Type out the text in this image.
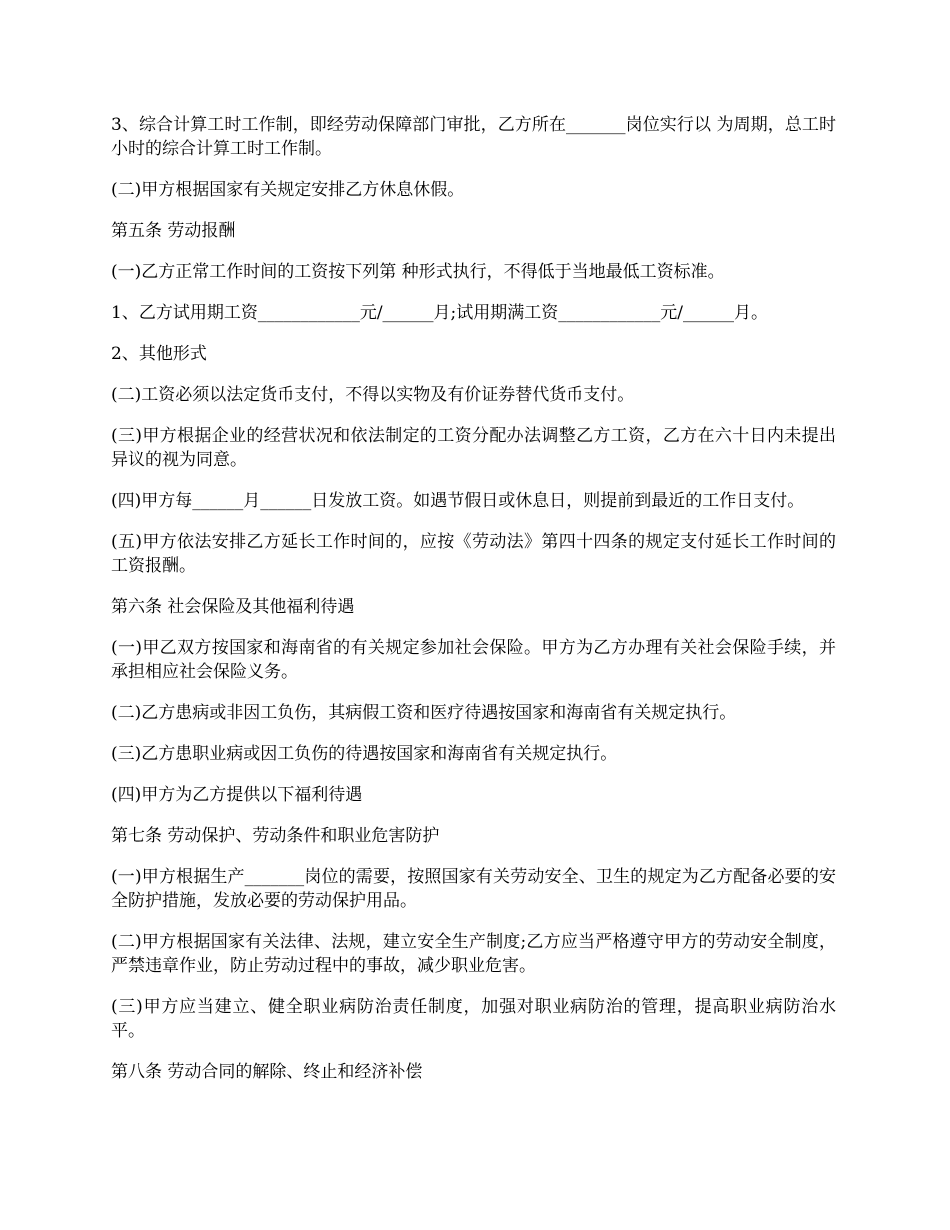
3、综合计算工时工作制，即经劳动保障部门审批，乙方所在_______岗位实行以 为周期，总工时 小时的综合计算工时工作制。

(二)甲方根据国家有关规定安排乙方休息休假。

第五条 劳动报酬

(一)乙方正常工作时间的工资按下列第 种形式执行，不得低于当地最低工资标准。

1、乙方试用期工资____________元/______月;试用期满工资____________元/______月。

2、其他形式

(二)工资必须以法定货币支付，不得以实物及有价证券替代货币支付。

(三)甲方根据企业的经营状况和依法制定的工资分配办法调整乙方工资，乙方在六十日内未提出异议的视为同意。

(四)甲方每______月______日发放工资。如遇节假日或休息日，则提前到最近的工作日支付。

(五)甲方依法安排乙方延长工作时间的，应按《劳动法》第四十四条的规定支付延长工作时间的工资报酬。

第六条 社会保险及其他福利待遇

(一)甲乙双方按国家和海南省的有关规定参加社会保险。甲方为乙方办理有关社会保险手续，并承担相应社会保险义务。

(二)乙方患病或非因工负伤，其病假工资和医疗待遇按国家和海南省有关规定执行。

(三)乙方患职业病或因工负伤的待遇按国家和海南省有关规定执行。

(四)甲方为乙方提供以下福利待遇

第七条 劳动保护、劳动条件和职业危害防护

(一)甲方根据生产_______岗位的需要，按照国家有关劳动安全、卫生的规定为乙方配备必要的安全防护措施，发放必要的劳动保护用品。

(二)甲方根据国家有关法律、法规，建立安全生产制度;乙方应当严格遵守甲方的劳动安全制度，严禁违章作业，防止劳动过程中的事故，减少职业危害。

(三)甲方应当建立、健全职业病防治责任制度，加强对职业病防治的管理，提高职业病防治水平。

第八条 劳动合同的解除、终止和经济补偿
